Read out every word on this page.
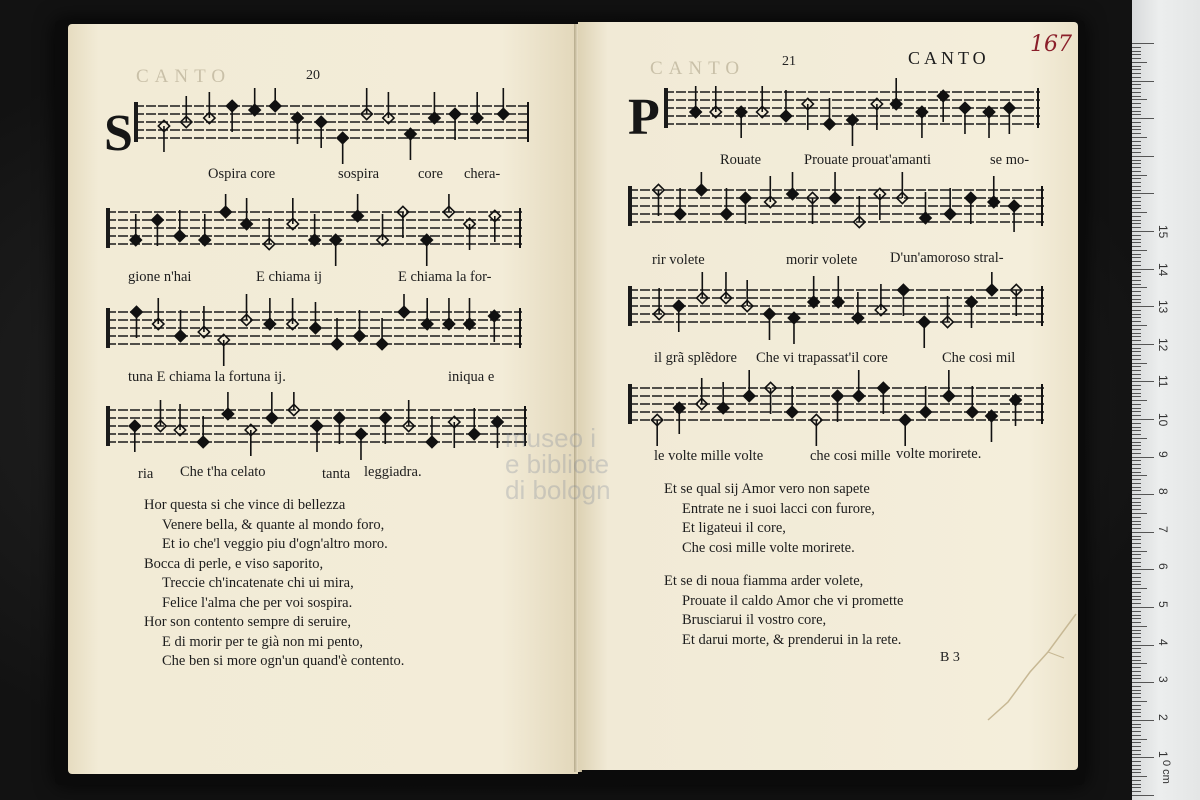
CANTO	20
S
Ospira core	sospira	core chera-
gione n'hai	E chiama ij	E chiama la for-
tuna E chiama la fortuna ij.	iniqua e
ria Che t'ha celato	tanta leggiadra.
Hor questa si che vince di bellezza
Venere bella, & quante al mondo foro,
Et io che'l veggio piu d'ogn'altro moro.
Bocca di perle, e viso saporito,
Treccie ch'incatenate chi ui mira,
Felice l'alma che per voi sospira.
Hor son contento sempre di seruire,
E di morir per te già non mi pento,
Che ben si more ogn'un quand'è contento.
CANTO	21	CANTO
167
P
Rouate	Prouate prouat'amanti	se mo-
rir volete	morir volete D'un'amoroso stral-
il grã splẽdore Che vi trapassat'il core	Che cosi mil
le volte mille volte	che cosi mille volte morirete.
Et se qual sij Amor vero non sapete
Entrate ne i suoi lacci con furore,
Et ligateui il core,
Che cosi mille volte morirete.
Et se di noua fiamma arder volete,
Prouate il caldo Amor che vi promette
Brusciarui il vostro core,
Et darui morte, & prenderui in la rete.
B 3
museo i
e bibliote
di bologn
0 cm
1
2
3
4
5
6
7
8
9
10
11
12
13
14
15
